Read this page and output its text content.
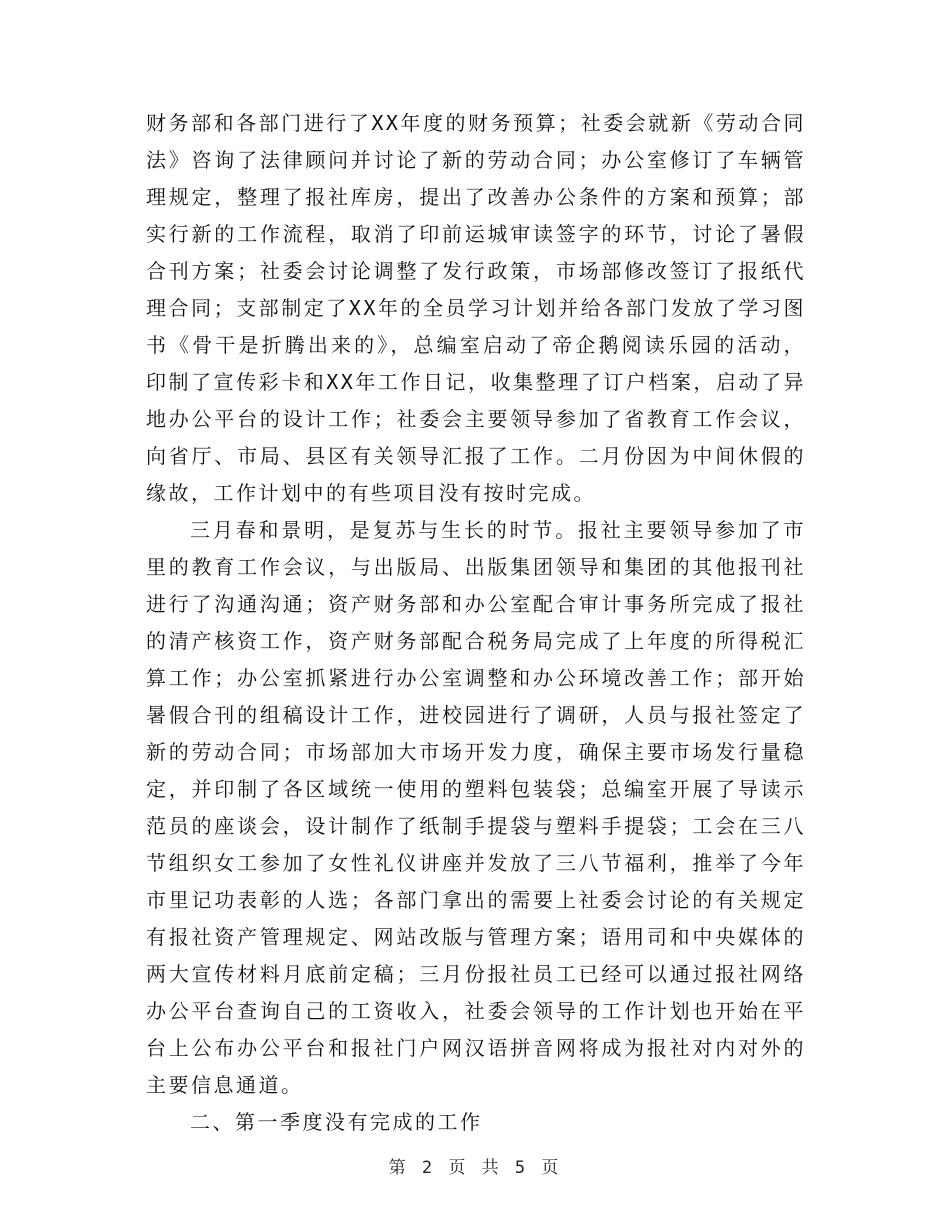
财务部和各部门进行了XX年度的财务预算；社委会就新《劳动合同法》咨询了法律顾问并讨论了新的劳动合同；办公室修订了车辆管理规定，整理了报社库房，提出了改善办公条件的方案和预算；部实行新的工作流程，取消了印前运城审读签字的环节，讨论了暑假合刊方案；社委会讨论调整了发行政策，市场部修改签订了报纸代理合同；支部制定了XX年的全员学习计划并给各部门发放了学习图书《骨干是折腾出来的》，总编室启动了帝企鹅阅读乐园的活动，印制了宣传彩卡和XX年工作日记，收集整理了订户档案，启动了异地办公平台的设计工作；社委会主要领导参加了省教育工作会议，向省厅、市局、县区有关领导汇报了工作。二月份因为中间休假的缘故，工作计划中的有些项目没有按时完成。

三月春和景明，是复苏与生长的时节。报社主要领导参加了市里的教育工作会议，与出版局、出版集团领导和集团的其他报刊社进行了沟通沟通；资产财务部和办公室配合审计事务所完成了报社的清产核资工作，资产财务部配合税务局完成了上年度的所得税汇算工作；办公室抓紧进行办公室调整和办公环境改善工作；部开始暑假合刊的组稿设计工作，进校园进行了调研，人员与报社签定了新的劳动合同；市场部加大市场开发力度，确保主要市场发行量稳定，并印制了各区域统一使用的塑料包装袋；总编室开展了导读示范员的座谈会，设计制作了纸制手提袋与塑料手提袋；工会在三八节组织女工参加了女性礼仪讲座并发放了三八节福利，推举了今年市里记功表彰的人选；各部门拿出的需要上社委会讨论的有关规定有报社资产管理规定、网站改版与管理方案；语用司和中央媒体的两大宣传材料月底前定稿；三月份报社员工已经可以通过报社网络办公平台查询自己的工资收入，社委会领导的工作计划也开始在平台上公布办公平台和报社门户网汉语拼音网将成为报社对内对外的主要信息通道。

二、第一季度没有完成的工作

第 2 页 共 5 页
